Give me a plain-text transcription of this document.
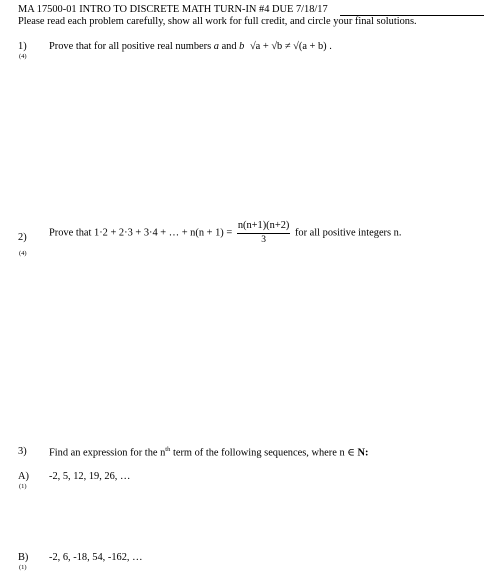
MA 17500-01 INTRO TO DISCRETE MATH TURN-IN #4 DUE 7/18/17
Please read each problem carefully, show all work for full credit, and circle your final solutions.
1)
(4)
Prove that for all positive real numbers a and b √a + √b ≠ √(a + b) .
2)
(4)
Prove that 1·2 + 2·3 + 3·4 + … + $n(n + 1) = \frac{n(n+1)(n+2)}{3}$ for all positive integers n.
3) Find an expression for the $n^{th}$ term of the following sequences, where n ∈ N:
A)
(1)
-2, 5, 12, 19, 26, …
B)
(1)
-2, 6, -18, 54, -162, …
